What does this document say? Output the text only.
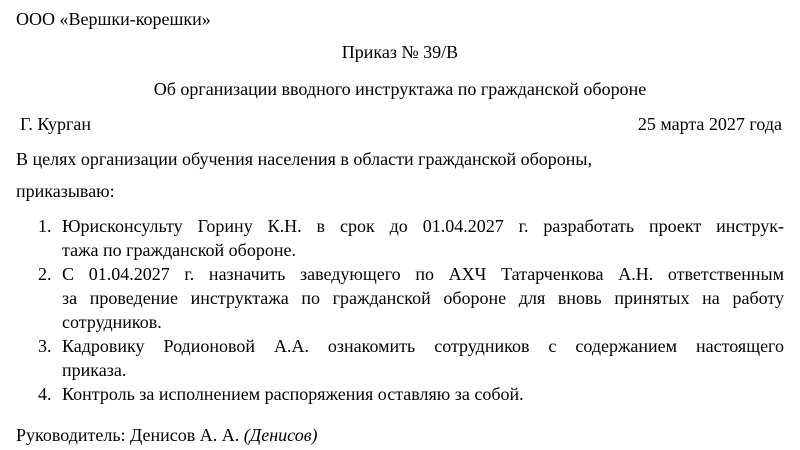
ООО «Вершки-корешки»
Приказ № 39/В
Об организации вводного инструктажа по гражданской обороне
Г. Курган	25 марта 2027 года
В целях организации обучения населения в области гражданской обороны,
приказываю:
1. Юрисконсульту Горину К.Н. в срок до 01.04.2027 г. разработать проект инструк-
тажа по гражданской обороне.
2. С 01.04.2027 г. назначить заведующего по АХЧ Татарченкова А.Н. ответственным
за проведение инструктажа по гражданской обороне для вновь принятых на работу
сотрудников.
3. Кадровику Родионовой А.А. ознакомить сотрудников с содержанием настоящего
приказа.
4. Контроль за исполнением распоряжения оставляю за собой.
Руководитель: Денисов А. А. (Денисов)
